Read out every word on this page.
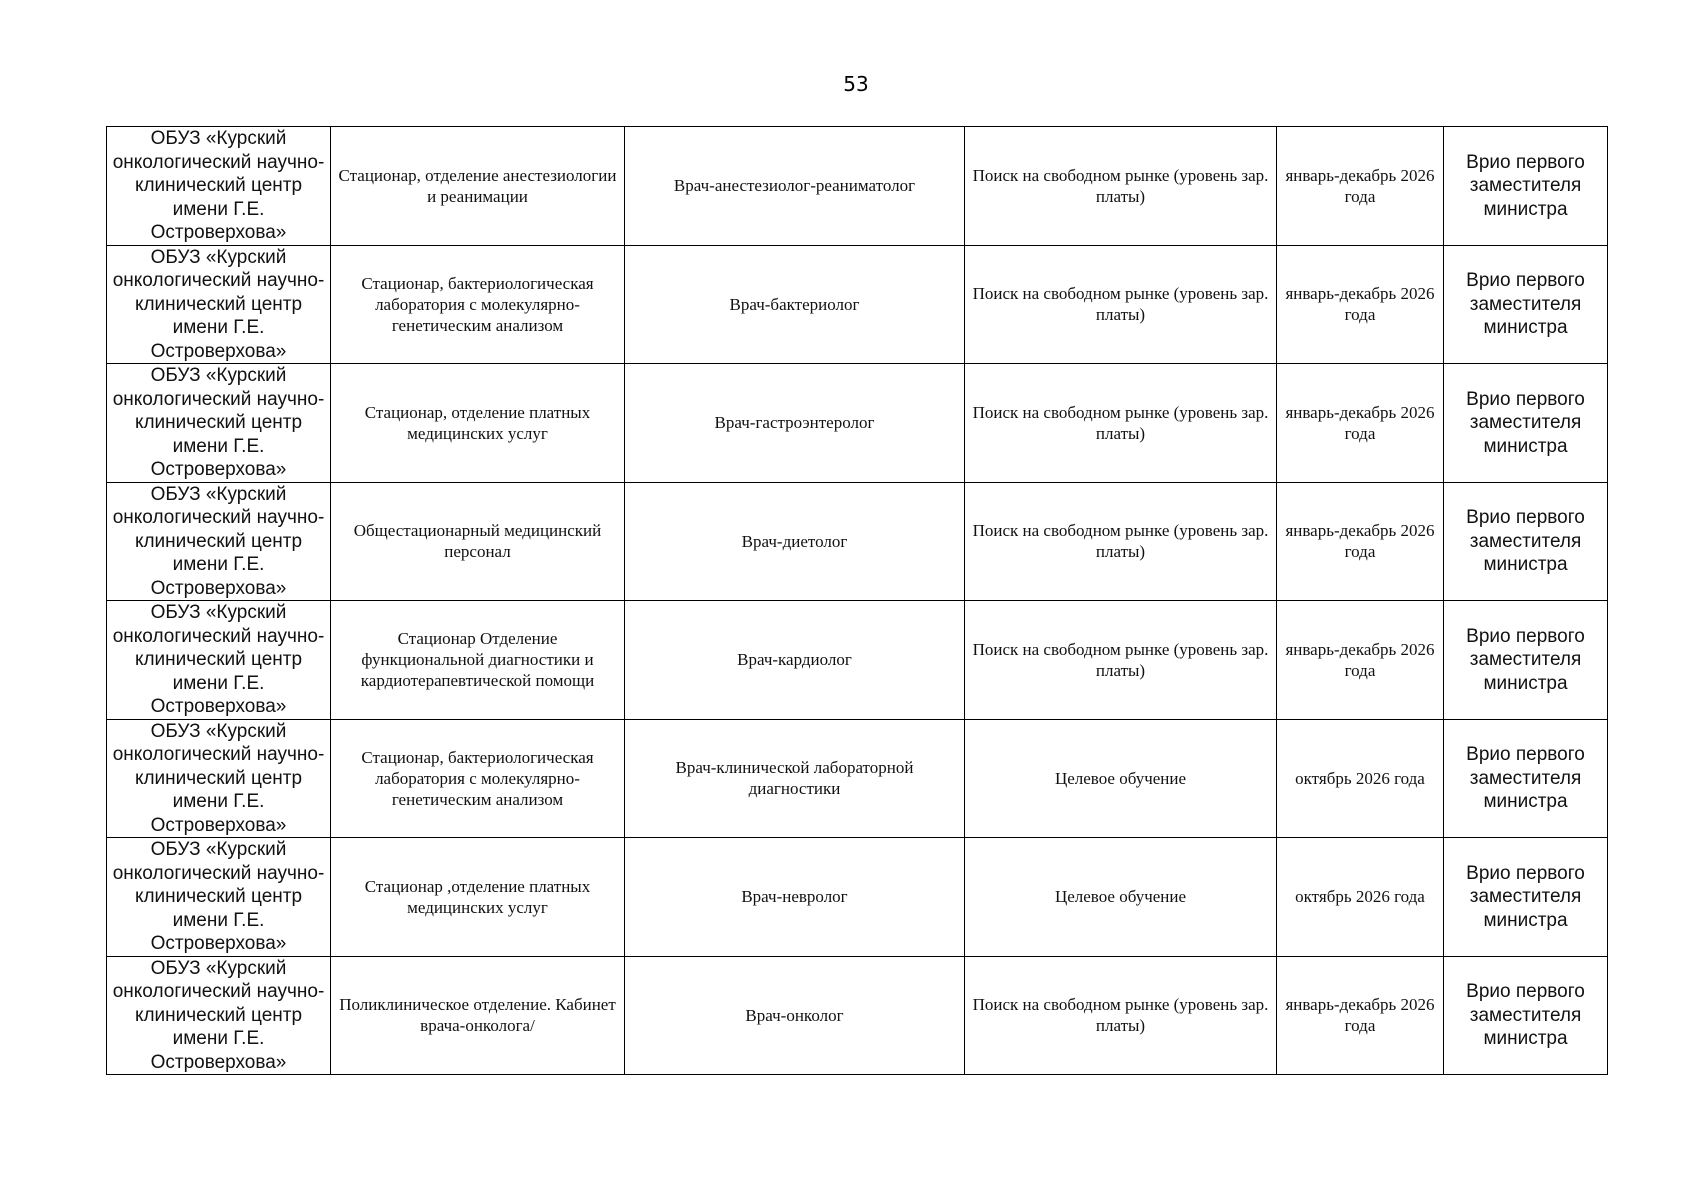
53
ОБУЗ «Курский онкологический научно-клинический центр имени Г.Е. Островерхова»	Стационар, отделение анестезиологии и реанимации	Врач-анестезиолог-реаниматолог	Поиск на свободном рынке (уровень зар. платы)	январь-декабрь 2026 года	Врио первого заместителя министра

ОБУЗ «Курский онкологический научно-клинический центр имени Г.Е. Островерхова»	Стационар, бактериологическая лаборатория с молекулярно-генетическим анализом	Врач-бактериолог	Поиск на свободном рынке (уровень зар. платы)	январь-декабрь 2026 года	Врио первого заместителя министра

ОБУЗ «Курский онкологический научно-клинический центр имени Г.Е. Островерхова»	Стационар, отделение платных медицинских услуг	Врач-гастроэнтеролог	Поиск на свободном рынке (уровень зар. платы)	январь-декабрь 2026 года	Врио первого заместителя министра

ОБУЗ «Курский онкологический научно-клинический центр имени Г.Е. Островерхова»	Общестационарный медицинский персонал	Врач-диетолог	Поиск на свободном рынке (уровень зар. платы)	январь-декабрь 2026 года	Врио первого заместителя министра

ОБУЗ «Курский онкологический научно-клинический центр имени Г.Е. Островерхова»	Стационар Отделение функциональной диагностики и кардиотерапевтической помощи	Врач-кардиолог	Поиск на свободном рынке (уровень зар. платы)	январь-декабрь 2026 года	Врио первого заместителя министра

ОБУЗ «Курский онкологический научно-клинический центр имени Г.Е. Островерхова»	Стационар, бактериологическая лаборатория с молекулярно-генетическим анализом	Врач-клинической лабораторной диагностики	Целевое обучение	октябрь 2026 года	Врио первого заместителя министра

ОБУЗ «Курский онкологический научно-клинический центр имени Г.Е. Островерхова»	Стационар ,отделение платных медицинских услуг	Врач-невролог	Целевое обучение	октябрь 2026 года	Врио первого заместителя министра

ОБУЗ «Курский онкологический научно-клинический центр имени Г.Е. Островерхова»	Поликлиническое отделение. Кабинет врача-онколога/	Врач-онколог	Поиск на свободном рынке (уровень зар. платы)	январь-декабрь 2026 года	Врио первого заместителя министра
